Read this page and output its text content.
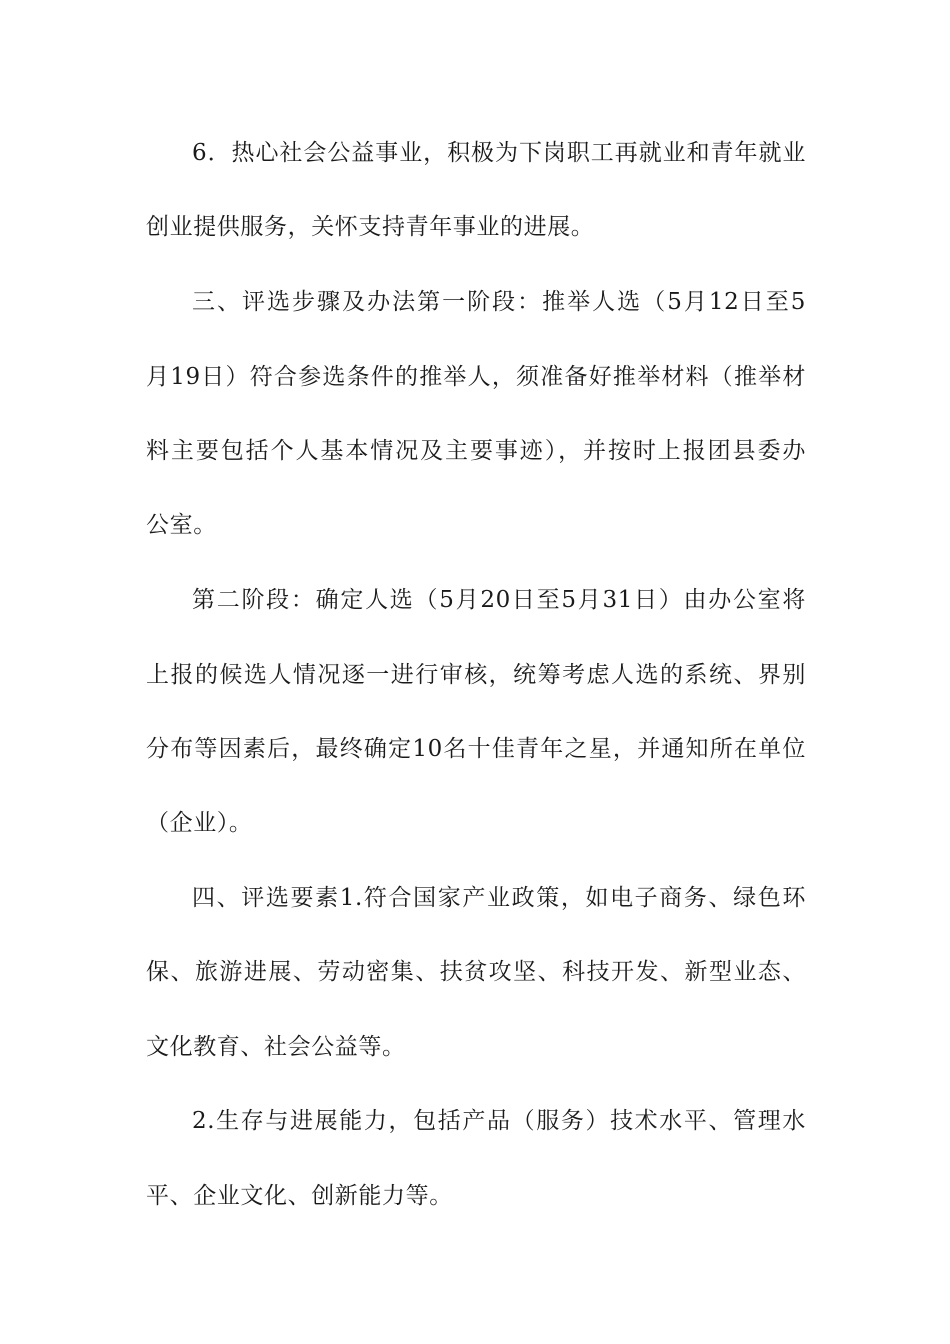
6．热心社会公益事业，积极为下岗职工再就业和青年就业
创业提供服务，关怀支持青年事业的进展。
三、评选步骤及办法第一阶段：推举人选（5月12日至5
月19日）符合参选条件的推举人，须准备好推举材料（推举材
料主要包括个人基本情况及主要事迹），并按时上报团县委办
公室。
第二阶段：确定人选（5月20日至5月31日）由办公室将
上报的候选人情况逐一进行审核，统筹考虑人选的系统、界别
分布等因素后，最终确定10名十佳青年之星，并通知所在单位
（企业）。
四、评选要素1.符合国家产业政策，如电子商务、绿色环
保、旅游进展、劳动密集、扶贫攻坚、科技开发、新型业态、
文化教育、社会公益等。
2.生存与进展能力，包括产品（服务）技术水平、管理水
平、企业文化、创新能力等。
